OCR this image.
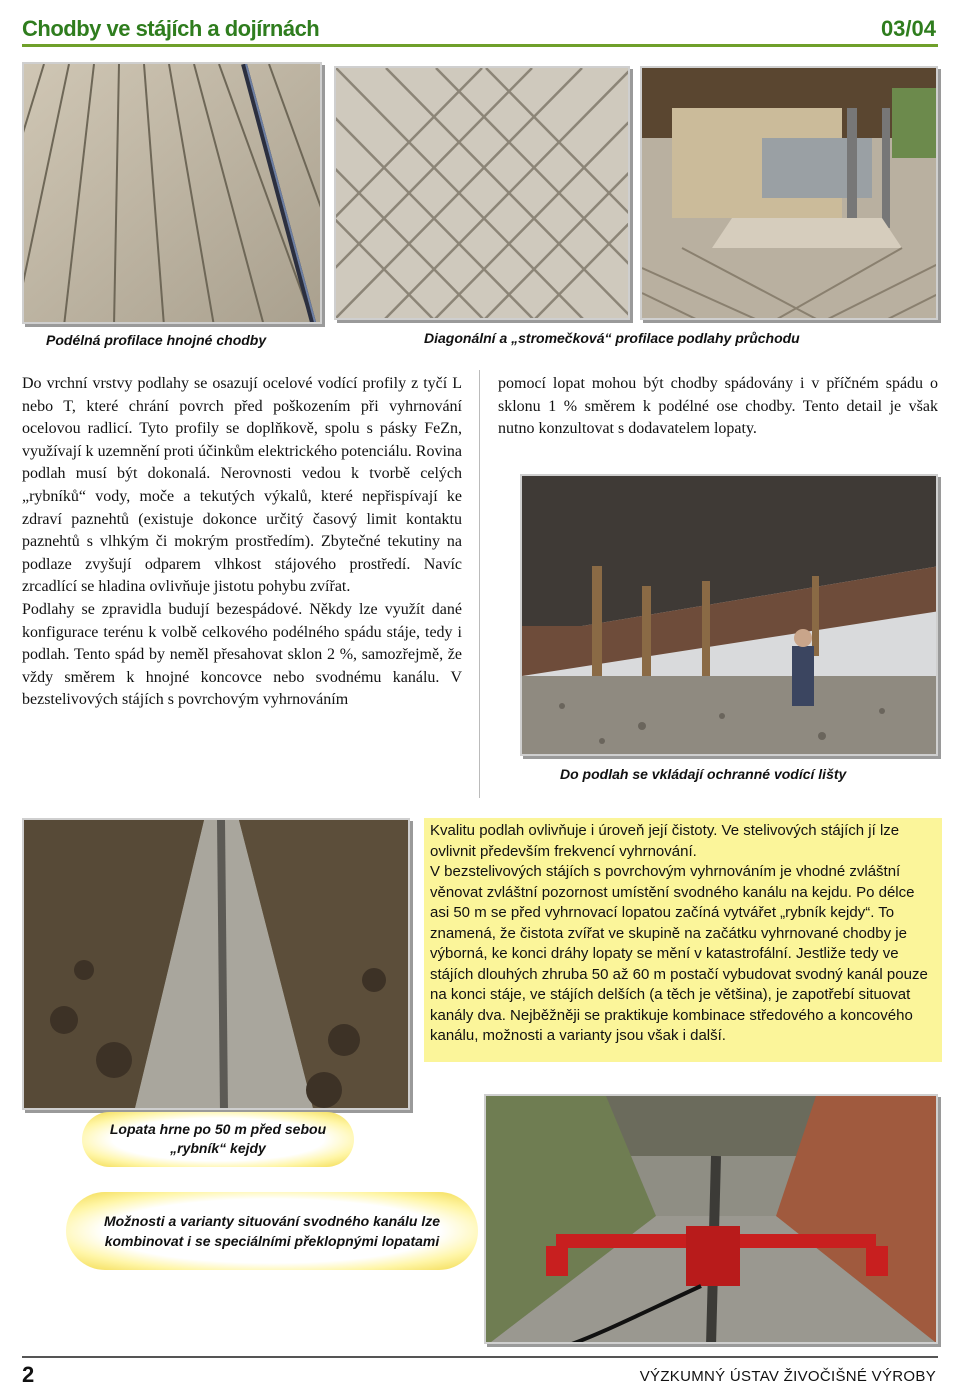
Chodby ve stájích a dojírnách	03/04
Podélná profilace hnojné chodby	Diagonální a „stromečková“ profilace podlahy průchodu

Do vrchní vrstvy podlahy se osazují ocelové vodící profily z tyčí L nebo T, které chrání povrch před poškozením při vyhrnování ocelovou radlicí. Tyto profily se doplňkově, spolu s pásky FeZn, využívají k uzemnění proti účinkům elektrického potenciálu. Rovina podlah musí být dokonalá. Nerovnosti vedou k tvorbě celých „rybníků“ vody, moče a tekutých výkalů, které nepřispívají ke zdraví paznehtů (existuje dokonce určitý časový limit kontaktu paznehtů s vlhkým či mokrým prostředím). Zbytečné tekutiny na podlaze zvyšují odparem vlhkost stájového prostředí. Navíc zrcadlící se hladina ovlivňuje jistotu pohybu zvířat.

Podlahy se zpravidla budují bezespádové. Někdy lze využít dané konfigurace terénu k volbě celkového podélného spádu stáje, tedy i podlah. Tento spád by neměl přesahovat sklon 2 %, samozřejmě, že vždy směrem k hnojné koncovce nebo svodnému kanálu. V bezstelivových stájích s povrchovým vyhrnováním

pomocí lopat mohou být chodby spádovány i v příčném spádu o sklonu 1 % směrem k podélné ose chodby. Tento detail je však nutno konzultovat s dodavatelem lopaty.

Do podlah se vkládají ochranné vodící lišty

Kvalitu podlah ovlivňuje i úroveň její čistoty. Ve stelivových stájích jí lze ovlivnit především frekvencí vyhrnování.

V bezstelivových stájích s povrchovým vyhrnováním je vhodné zvláštní věnovat zvláštní pozornost umístění svodného kanálu na kejdu. Po délce asi 50 m se před vyhrnovací lopatou začíná vytvářet „rybník kejdy“. To znamená, že čistota zvířat ve skupině na začátku vyhrnované chodby je výborná, ke konci dráhy lopaty se mění v katastrofální. Jestliže tedy ve stájích dlouhých zhruba 50 až 60 m postačí vybudovat svodný kanál pouze na konci stáje, ve stájích delších (a těch je většina), je zapotřebí situovat kanály dva. Nejběžněji se praktikuje kombinace středového a koncového kanálu, možnosti a varianty jsou však i další.

Lopata hrne po 50 m před sebou
„rybník“ kejdy
Možnosti a varianty situování svodného kanálu lze
kombinovat i se speciálními překlopnými lopatami
2	VÝZKUMNÝ ÚSTAV ŽIVOČIŠNÉ VÝROBY
